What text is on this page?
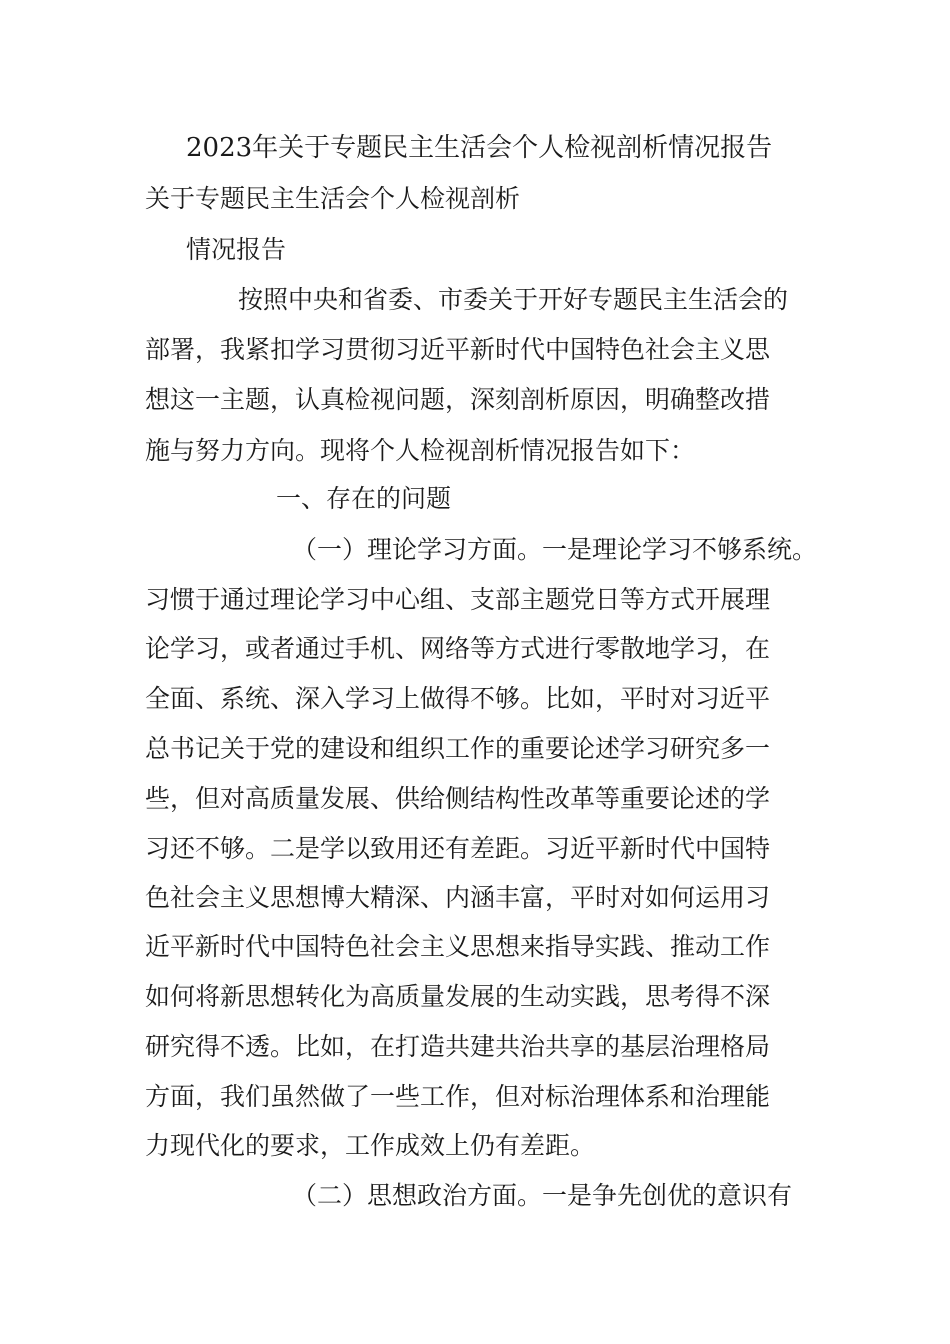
2023年关于专题民主生活会个人检视剖析情况报告
关于专题民主生活会个人检视剖析
情况报告
按照中央和省委、市委关于开好专题民主生活会的
部署，我紧扣学习贯彻习近平新时代中国特色社会主义思
想这一主题，认真检视问题，深刻剖析原因，明确整改措
施与努力方向。现将个人检视剖析情况报告如下：
一、存在的问题
（一）理论学习方面。一是理论学习不够系统。
习惯于通过理论学习中心组、支部主题党日等方式开展理
论学习，或者通过手机、网络等方式进行零散地学习，在
全面、系统、深入学习上做得不够。比如，平时对习近平
总书记关于党的建设和组织工作的重要论述学习研究多一
些，但对高质量发展、供给侧结构性改革等重要论述的学
习还不够。二是学以致用还有差距。习近平新时代中国特
色社会主义思想博大精深、内涵丰富，平时对如何运用习
近平新时代中国特色社会主义思想来指导实践、推动工作
如何将新思想转化为高质量发展的生动实践，思考得不深
研究得不透。比如，在打造共建共治共享的基层治理格局
方面，我们虽然做了一些工作，但对标治理体系和治理能
力现代化的要求，工作成效上仍有差距。
（二）思想政治方面。一是争先创优的意识有
